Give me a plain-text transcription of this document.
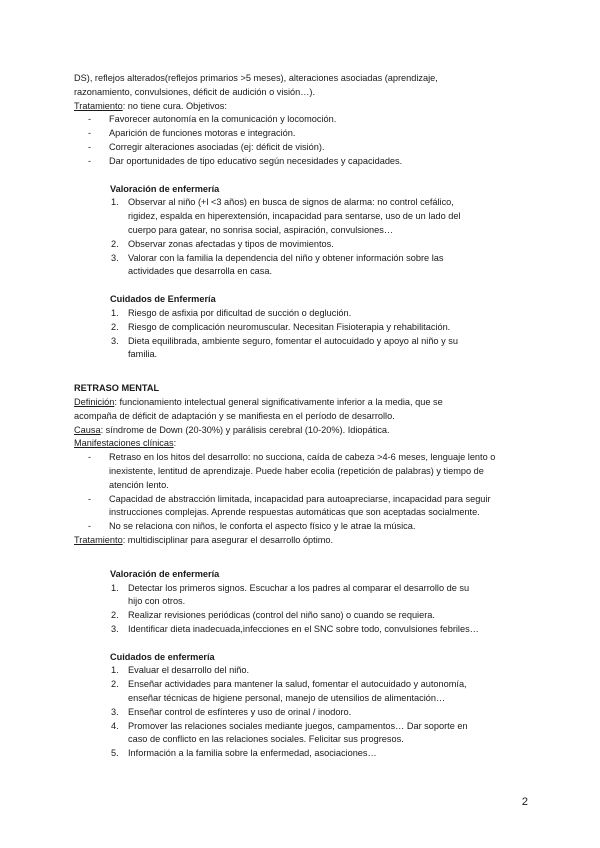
DS), reflejos alterados(reflejos primarios >5 meses), alteraciones asociadas (aprendizaje,

razonamiento, convulsiones, déficit de audición o visión…).

Tratamiento: no tiene cura. Objetivos:

- Favorecer autonomía en la comunicación y locomoción.
- Aparición de funciones motoras e integración.
- Corregir alteraciones asociadas (ej: déficit de visión).
- Dar oportunidades de tipo educativo según necesidades y capacidades.

Valoración de enfermería

1. Observar al niño (+l <3 años) en busca de signos de alarma: no control cefálico,
rigidez, espalda en hiperextensión, incapacidad para sentarse, uso de un lado del
cuerpo para gatear, no sonrisa social, aspiración, convulsiones…
2. Observar zonas afectadas y tipos de movimientos.
3. Valorar con la familia la dependencia del niño y obtener información sobre las
actividades que desarrolla en casa.

Cuidados de Enfermería

1. Riesgo de asfixia por dificultad de succión o deglución.
2. Riesgo de complicación neuromuscular. Necesitan Fisioterapia y rehabilitación.
3. Dieta equilibrada, ambiente seguro, fomentar el autocuidado y apoyo al niño y su
familia.

RETRASO MENTAL

Definición: funcionamiento intelectual general significativamente inferior a la media, que se

acompaña de déficit de adaptación y se manifiesta en el período de desarrollo.

Causa: síndrome de Down (20-30%) y parálisis cerebral (10-20%). Idiopática.

Manifestaciones clínicas:

- Retraso en los hitos del desarrollo: no succiona, caída de cabeza >4-6 meses, lenguaje lento o
inexistente, lentitud de aprendizaje. Puede haber ecolia (repetición de palabras) y tiempo de
atención lento.
- Capacidad de abstracción limitada, incapacidad para autoapreciarse, incapacidad para seguir
instrucciones complejas. Aprende respuestas automáticas que son aceptadas socialmente.
- No se relaciona con niños, le conforta el aspecto físico y le atrae la música.

Tratamiento: multidisciplinar para asegurar el desarrollo óptimo.

Valoración de enfermería

1. Detectar los primeros signos. Escuchar a los padres al comparar el desarrollo de su
hijo con otros.
2. Realizar revisiones periódicas (control del niño sano) o cuando se requiera.
3. Identificar dieta inadecuada,infecciones en el SNC sobre todo, convulsiones febriles…

Cuidados de enfermería

1. Evaluar el desarrollo del niño.
2. Enseñar actividades para mantener la salud, fomentar el autocuidado y autonomía,
enseñar técnicas de higiene personal, manejo de utensilios de alimentación…
3. Enseñar control de esfínteres y uso de orinal / inodoro.
4. Promover las relaciones sociales mediante juegos, campamentos… Dar soporte en
caso de conflicto en las relaciones sociales. Felicitar sus progresos.
5. Información a la familia sobre la enfermedad, asociaciones…
2
